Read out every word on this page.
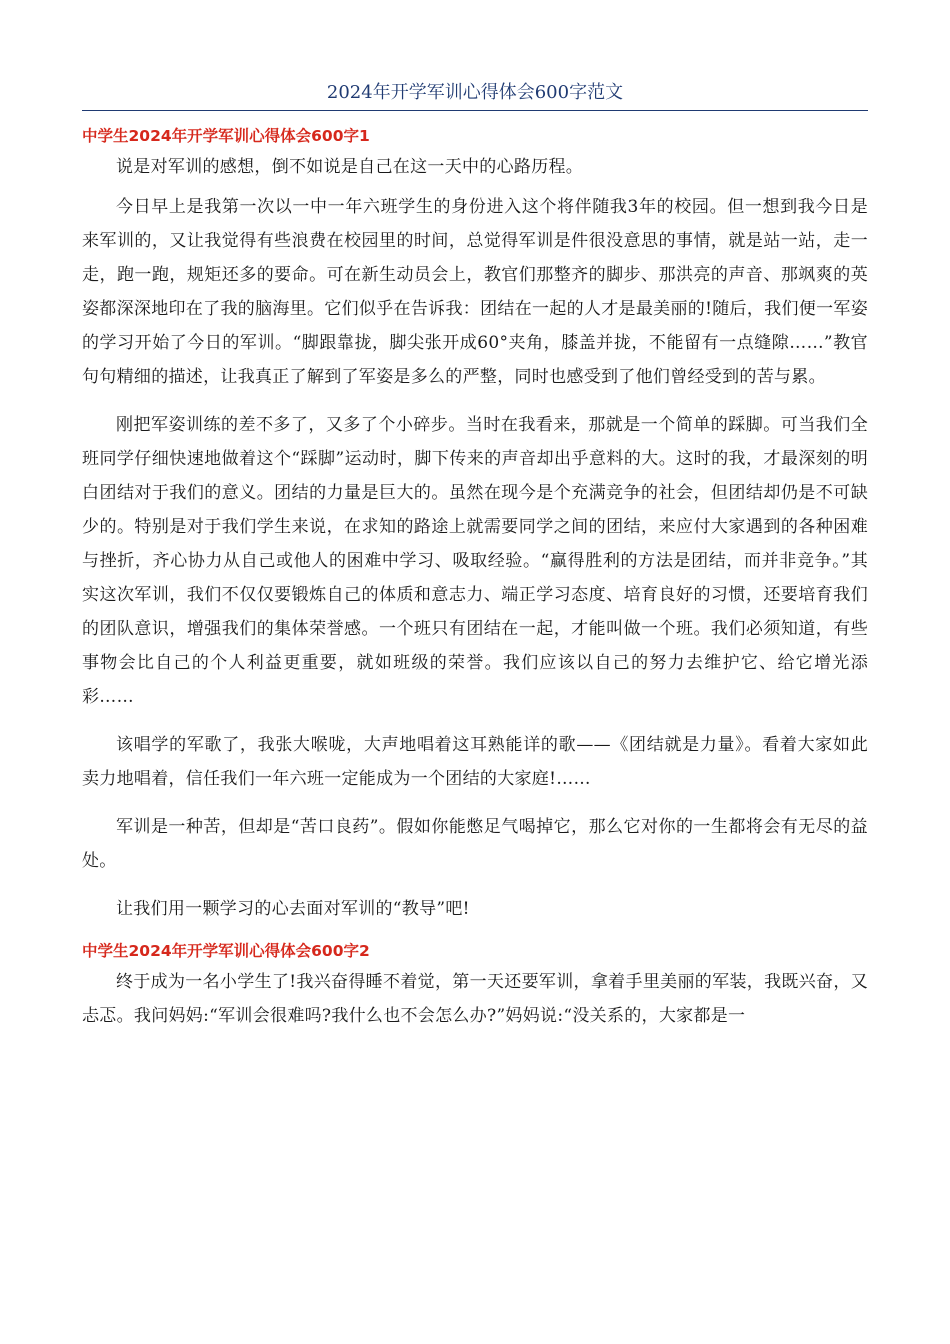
2024年开学军训心得体会600字范文
中学生2024年开学军训心得体会600字1

说是对军训的感想，倒不如说是自己在这一天中的心路历程。

今日早上是我第一次以一中一年六班学生的身份进入这个将伴随我3年的校园。但一想到我今日是来军训的，又让我觉得有些浪费在校园里的时间，总觉得军训是件很没意思的事情，就是站一站，走一走，跑一跑，规矩还多的要命。可在新生动员会上，教官们那整齐的脚步、那洪亮的声音、那飒爽的英姿都深深地印在了我的脑海里。它们似乎在告诉我：团结在一起的人才是最美丽的!随后，我们便一军姿的学习开始了今日的军训。“脚跟靠拢，脚尖张开成60°夹角，膝盖并拢，不能留有一点缝隙……”教官句句精细的描述，让我真正了解到了军姿是多么的严整，同时也感受到了他们曾经受到的苦与累。

刚把军姿训练的差不多了，又多了个小碎步。当时在我看来，那就是一个简单的踩脚。可当我们全班同学仔细快速地做着这个“踩脚”运动时，脚下传来的声音却出乎意料的大。这时的我，才最深刻的明白团结对于我们的意义。团结的力量是巨大的。虽然在现今是个充满竞争的社会，但团结却仍是不可缺少的。特别是对于我们学生来说，在求知的路途上就需要同学之间的团结，来应付大家遇到的各种困难与挫折，齐心协力从自己或他人的困难中学习、吸取经验。“赢得胜利的方法是团结，而并非竞争。”其实这次军训，我们不仅仅要锻炼自己的体质和意志力、端正学习态度、培育良好的习惯，还要培育我们的团队意识，增强我们的集体荣誉感。一个班只有团结在一起，才能叫做一个班。我们必须知道，有些事物会比自己的个人利益更重要，就如班级的荣誉。我们应该以自己的努力去维护它、给它增光添彩……

该唱学的军歌了，我张大喉咙，大声地唱着这耳熟能详的歌——《团结就是力量》。看着大家如此卖力地唱着，信任我们一年六班一定能成为一个团结的大家庭!……

军训是一种苦，但却是“苦口良药”。假如你能憋足气喝掉它，那么它对你的一生都将会有无尽的益处。

让我们用一颗学习的心去面对军训的“教导”吧!

中学生2024年开学军训心得体会600字2

终于成为一名小学生了!我兴奋得睡不着觉，第一天还要军训，拿着手里美丽的军装，我既兴奋，又忐忑。我问妈妈:“军训会很难吗?我什么也不会怎么办?”妈妈说:“没关系的，大家都是一
